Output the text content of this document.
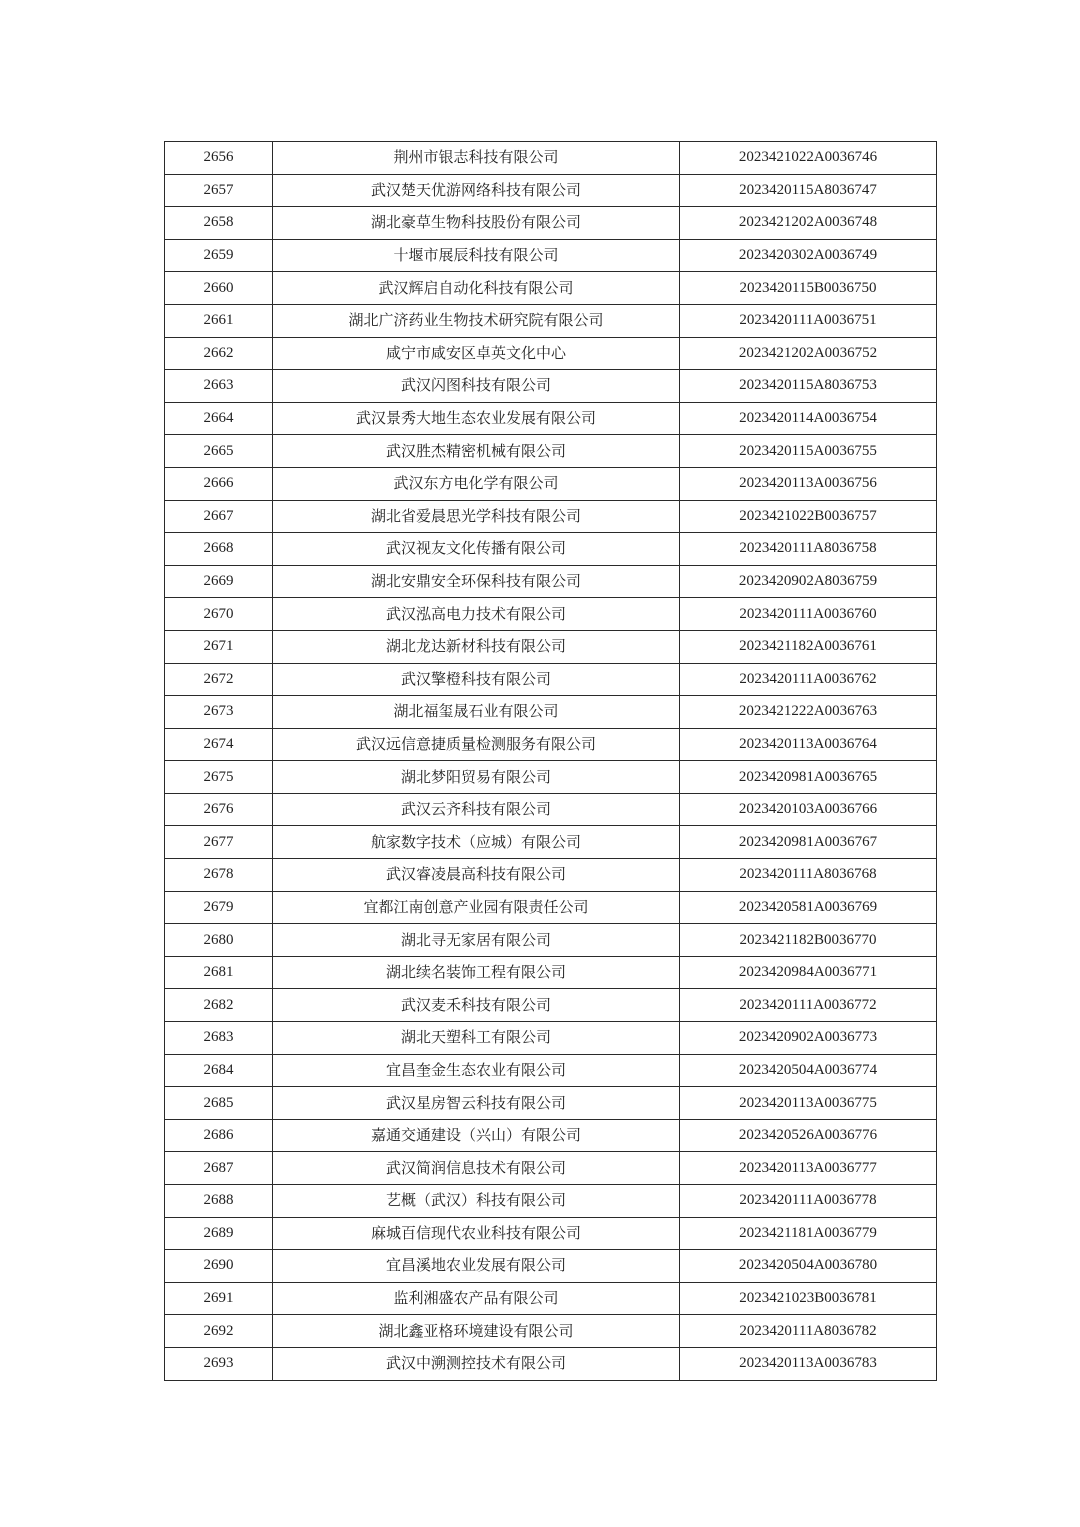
2656	荆州市银志科技有限公司	2023421022A0036746
2657	武汉楚天优游网络科技有限公司	2023420115A8036747
2658	湖北豪草生物科技股份有限公司	2023421202A0036748
2659	十堰市展辰科技有限公司	2023420302A0036749
2660	武汉辉启自动化科技有限公司	2023420115B0036750
2661	湖北广济药业生物技术研究院有限公司	2023420111A0036751
2662	咸宁市咸安区卓英文化中心	2023421202A0036752
2663	武汉闪图科技有限公司	2023420115A8036753
2664	武汉景秀大地生态农业发展有限公司	2023420114A0036754
2665	武汉胜杰精密机械有限公司	2023420115A0036755
2666	武汉东方电化学有限公司	2023420113A0036756
2667	湖北省爱晨思光学科技有限公司	2023421022B0036757
2668	武汉视友文化传播有限公司	2023420111A8036758
2669	湖北安鼎安全环保科技有限公司	2023420902A8036759
2670	武汉泓高电力技术有限公司	2023420111A0036760
2671	湖北龙达新材科技有限公司	2023421182A0036761
2672	武汉擎橙科技有限公司	2023420111A0036762
2673	湖北福玺晟石业有限公司	2023421222A0036763
2674	武汉远信意捷质量检测服务有限公司	2023420113A0036764
2675	湖北梦阳贸易有限公司	2023420981A0036765
2676	武汉云齐科技有限公司	2023420103A0036766
2677	航家数字技术（应城）有限公司	2023420981A0036767
2678	武汉睿凌晨高科技有限公司	2023420111A8036768
2679	宜都江南创意产业园有限责任公司	2023420581A0036769
2680	湖北寻无家居有限公司	2023421182B0036770
2681	湖北续名装饰工程有限公司	2023420984A0036771
2682	武汉麦禾科技有限公司	2023420111A0036772
2683	湖北天塑科工有限公司	2023420902A0036773
2684	宜昌奎金生态农业有限公司	2023420504A0036774
2685	武汉星房智云科技有限公司	2023420113A0036775
2686	嘉通交通建设（兴山）有限公司	2023420526A0036776
2687	武汉简润信息技术有限公司	2023420113A0036777
2688	艺概（武汉）科技有限公司	2023420111A0036778
2689	麻城百信现代农业科技有限公司	2023421181A0036779
2690	宜昌溪地农业发展有限公司	2023420504A0036780
2691	监利湘盛农产品有限公司	2023421023B0036781
2692	湖北鑫亚格环境建设有限公司	2023420111A8036782
2693	武汉中溯测控技术有限公司	2023420113A0036783
